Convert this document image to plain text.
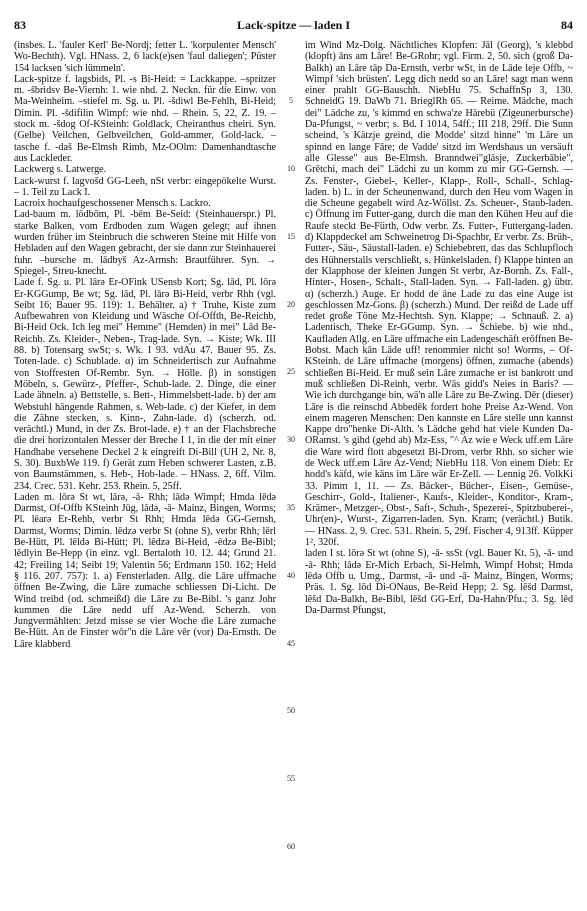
83	Lack-spitze — laden I	84

(insbes. L. 'fauler Kerl' Be-Nordj; fetter L. 'korpulenter Mensch' Wo-Bechth). Vgl. HNass. 2, 6 lack(e)sen 'faul daliegen'; Püster 154 lacksen 'sich lümmeln'.

Lack-spitze f. lagsbids, Pl. -s Bi-Heid: = Lackkappe. –spritzer m. -šbridsv Be-Viernh: 1. wie nhd. 2. Neckn. für die Einw. von Ma-Weinheim. –stiefel m. Sg. u. Pl. -šdiwl Be-Fehlh, Bi-Heid; Dimin. Pl. -šdifilin Wimpf: wie nhd. – Rhein. 5, 22, Z. 19. –stock m. -šdog Of-KSteinh: Goldlack, Cheiranthus cheiri. Syn. (Gelbe) Veilchen, Gelbveilchen, Gold-ammer, Gold-lack. –tasche f. -daš Be-Elmsh Rimb, Mz-OOlm: Damenhandtasche aus Lackleder.

Lackwerg s. Latwerge.

Lack-wurst f. lagvošd GG-Leeh, nSt verbr: eingepökelte Wurst. – 1. Teil zu Lack I.

Lacroix hochaufgeschossener Mensch s. Lackro.

Lad-baum m. lōdbōm, Pl. -bēm Be-Seid: (Steinhauerspr.) Pl. starke Balken, vom Erdboden zum Wagen gelegt; auf ihnen wurden früher im Steinbruch die schweren Steine mit Hilfe von Hebladen auf den Wagen gebracht, der sie dann zur Steinhauerei fuhr. –bursche m. lādbyš Az-Armsh: Brautführer. Syn. → Spiegel-, Streu-knecht.

Lade f. Sg. u. Pl. lārə Er-OFink USensb Kort; Sg. lād, Pl. lōrə Er-KGGump, Be wt; Sg. lād, Pl. lārə Bi-Heid, verbr Rhh (vgl. Seibt 16; Bauer 95. 119): 1. Behälter. a) † Truhe, Kiste zum Aufbewahren von Kleidung und Wäsche Of-Offth, Be-Reichb, Bi-Heid Ock. Ich leg mei" Hemme" (Hemden) in mei" Lād Be-Reichb. Zs. Kleider-, Neben-, Trag-lade. Syn. → Kiste; Wk. III 88. b) Totensarg swSt; s. Wk. I 93. vdAu 47. Bauer 95. Zs. Toten-lade. c) Schublade. α) im Schneidertisch zur Aufnahme von Stoffresten Of-Rembr. Syn. → Hölle. β) in sonstigen Möbeln, s. Gewürz-, Pfeffer-, Schub-lade. 2. Dinge, die einer Lade ähneln. a) Bettstelle, s. Bett-, Himmelsbett-lade. b) der am Webstuhl hängende Rahmen, s. Web-lade. c) der Kiefer, in dem die Zähne stecken, s. Kinn-, Zahn-lade. d) (scherzh. od. verächtl.) Mund, in der Zs. Brot-lade. e) † an der Flachsbreche die drei horizontalen Messer der Breche I 1, in die der mit einer Handhabe versehene Deckel 2 k eingreift Di-Bill (UH 2, Nr. 8, S. 30). BuxbWe 119. f) Gerät zum Heben schwerer Lasten, z.B. von Baumstämmen, s. Heb-, Hob-lade. – HNass. 2, 6ff. Vilm. 234. Crec. 531. Kehr. 253. Rhein. 5, 25ff.

Laden m. lōrə St wt, lārə, -ā- Rhh; lādə Wimpf; Hmda lēdə Darmst, Of-Offb KSteinh Jüg, lādə, -ā- Mainz, Bingen, Worms; Pl. lēarə Er-Rehb, verbr St Rhh; Hmda lēdə GG-Gernsh, Darmst, Worms; Dimin. lēdzə verbr St (ohne S), verbr Rhh; lērl Be-Hütt, Pl. lēldə Bi-Hütt; Pl. lēdzə Bi-Heid, -ēdzə Be-Bibl; lēdlyin Be-Hepp (in einz. vgl. Bertaloth 10. 12. 44; Grund 21. 42; Freiling 14; Seibt 19; Valentin 56; Erdmann 150. 162; Held § 116. 207. 757): 1. a) Fensterladen. Allg. die Lāre uffmache öffnen Be-Zwing, die Lāre zumache schliessen Di-Licht. De Wind treibd (od. schmeißd) die Lāre zu Be-Bibl. 's ganz Johr kummen die Lāre nedd uff Az-Wend. Scherzh. von Jungvermählten: Jetzd misse se vier Woche die Lāre zumache Be-Hütt. An de Finster wōr"n die Lāre vēr (vor) Da-Ernsth. De Lāre klabberd

5
10
15
20
25
30
35
40
45
50
55
60

im Wind Mz-Dolg. Nächtliches Klopfen: Jāl (Georg), 's klebbd (klopft) āns am Lāre! Be-GRohr; vgl. Firm. 2, 50. sich (groß Da-Balkh) an Lāre tāp Da-Ernsth, verbr wSt, in de Lāde leje Offb, ~ Wimpf 'sich brüsten'. Legg dich nedd so an Lāre! sagt man wenn einer prahlt GG-Bauschh. NiebHu 75. SchaffnSp 3, 130. SchneidG 19. DaWb 71. BrieglRh 65. — Reime. Mädche, mach dei" Lädche zu, 's kimmd en schwa'ze Härebü (Zigeunerbursche) Da-Pfungst, ~ verbr; s. Bd. I 1014, 54ff.; III 218, 29ff. Die Sunn scheind, 's Kätzje greind, die Modde' sitzd hinne" 'm Lāre un spinnd en lange Fāre; de Vadde' sitzd im Werdshaus un versäuft alle Glesse" aus Be-Elmsh. Branndwei"glāsje, Zuckerbābie", Grētchi, mach dei" Lädchi zu un komm zu mir GG-Gernsh. — Zs. Fenster-, Giebel-, Keller-, Klapp-, Roll-, Schall-, Schlag-laden. b) L. in der Scheunenwand, durch den Heu vom Wagen in die Scheune gegabelt wird Az-Wöllst. Zs. Scheuer-, Staub-laden. c) Öffnung im Futter-gang, durch die man den Kühen Heu auf die Raufe steckt Be-Fürth, Odw verbr. Zs. Futter-, Futtergang-laden. d) Klappdeckel am Schweinetrog Di-Spachbr, Er verbr. Zs. Brüh-, Futter-, Säu-, Säustall-laden. e) Schiebebrett, das das Schlupfloch des Hühnerstalls verschließt, s. Hünkelsladen. f) Klappe hinten an der Klapphose der kleinen Jungen St verbr, Az-Bornh. Zs. Fall-, Hinter-, Hosen-, Schalt-, Stall-laden. Syn. → Fall-laden. g) übtr. α) (scherzh.) Auge. Er hodd de āne Lade zu das eine Auge ist geschlossen Mz-Gons. β) (scherzh.) Mund. Der reißd de Lade uff redet große Töne Mz-Hechtsh. Syn. Klappe; → Schnauß. 2. a) Ladentisch, Theke Er-GGump. Syn. → Schiebe. b) wie nhd., Kaufladen Allg. en Lāre uffmache ein Ladengeschäft eröffnen Be-Bobst. Mach kān Läde uff! renommier nicht so! Worms, – Of-KSteinh. de Lāre uffmache (morgens) öffnen, zumache (abends) schließen Bi-Heid. Er muß sein Lāre zumache er ist bankrott und muß schließen Di-Reinh, verbr. Wās gidd's Neies in Baris? — Wie ich durchgange bin, wā'n alle Lāre zu Be-Zwing. Dēr (dieser) Lāre is die reinschd Abbedēk fordert hohe Preise Az-Wend. Von einem mageren Menschen: Den kannste en Lāre stelle unn kannst Kappe dro"henke Di-Alth. 's Lädche gehd hat viele Kunden Da-ORamst. 's gihd (gehd ab) Mz-Ess, "^ Az wie e Weck uff.em Lāre die Ware wird flott abgesetzt Bi-Drom, verbr Rhh. so sicher wie de Weck uff.em Lāre Az-Vend; NiebHu 118. Von einem Dieb: Er hodd's käfd, wie käns im Lāre wār Er-Zell. — Lennig 26. VolkKi 33. Pimm 1, 11. — Zs. Bäcker-, Bücher-, Eisen-, Gemüse-, Geschirr-, Gold-, Italiener-, Kaufs-, Kleider-, Konditor-, Kram-, Krämer-, Metzger-, Obst-, Saft-, Schuh-, Spezerei-, Spitzbuberei-, Uhr(en)-, Wurst-, Zigarren-laden. Syn. Kram; (verächtl.) Butik. — HNass. 2, 9. Crec. 531. Rhein. 5, 29f. Fischer 4, 913ff. Küpper 1², 320f.

laden I st. lōrə St wt (ohne S), -ā- ssSt (vgl. Bauer Kt. 5), -ā- und -ā- Rhh; lādə Er-Mich Erbach, Si-Helmh, Wimpf Hohst; Hmda lēdə Offb u. Umg., Darmst, -ā- und -ā- Mainz, Bingen, Worms; Präs. 1. Sg. lōd Di-ONaus, Be-Reid Hepp; 2. Sg. lēšd Darmst, lēšd Da-Balkh, Be-Bibl, lēšd GG-Erf, Da-Hahn/Pfu.; 3. Sg. lēd Da-Darmst Pfungst,
